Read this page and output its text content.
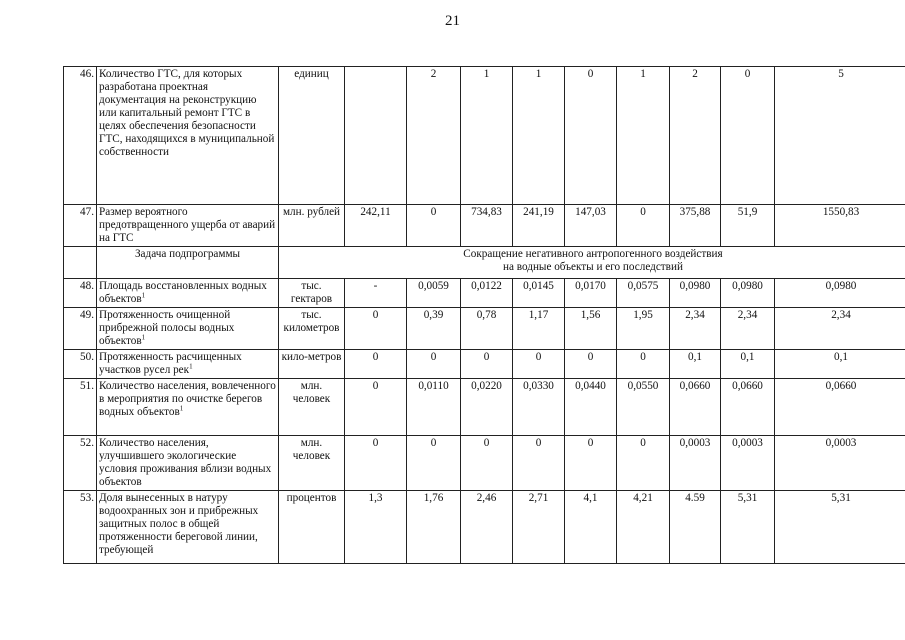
21
46.	Количество ГТС, для которых разработана проектная документация на реконструкцию или капитальный ремонт ГТС в целях обеспечения безопасности ГТС, находящихся в муниципальной собственности	единиц		2	1	1	0	1	2	0	5
47.	Размер вероятного предотвращенного ущерба от аварий на ГТС	млн. рублей	242,11	0	734,83	241,19	147,03	0	375,88	51,9	1550,83
	Задача подпрограммы	Сокращение негативного антропогенного воздействия
на водные объекты и его последствий									

48.	Площадь восстановленных водных объектов$^1$	тыс. гектаров	-	0,0059	0,0122	0,0145	0,0170	0,0575	0,0980	0,0980	0,0980
49.	Протяженность очищенной прибрежной полосы водных объектов$^1$	тыс. километров	0	0,39	0,78	1,17	1,56	1,95	2,34	2,34	2,34
50.	Протяженность расчищенных участков русел рек$^1$	кило-метров	0	0	0	0	0	0	0,1	0,1	0,1
51.	Количество населения, вовлеченного в мероприятия по очистке берегов водных объектов$^1$	млн. человек	0	0,0110	0,0220	0,0330	0,0440	0,0550	0,0660	0,0660	0,0660
52.	Количество населения, улучшившего экологические условия проживания вблизи водных объектов	млн. человек	0	0	0	0	0	0	0,0003	0,0003	0,0003
53.	Доля вынесенных в натуру водоохранных зон и прибрежных защитных полос в общей протяженности береговой линии, требующей	процентов	1,3	1,76	2,46	2,71	4,1	4,21	4.59	5,31	5,31
